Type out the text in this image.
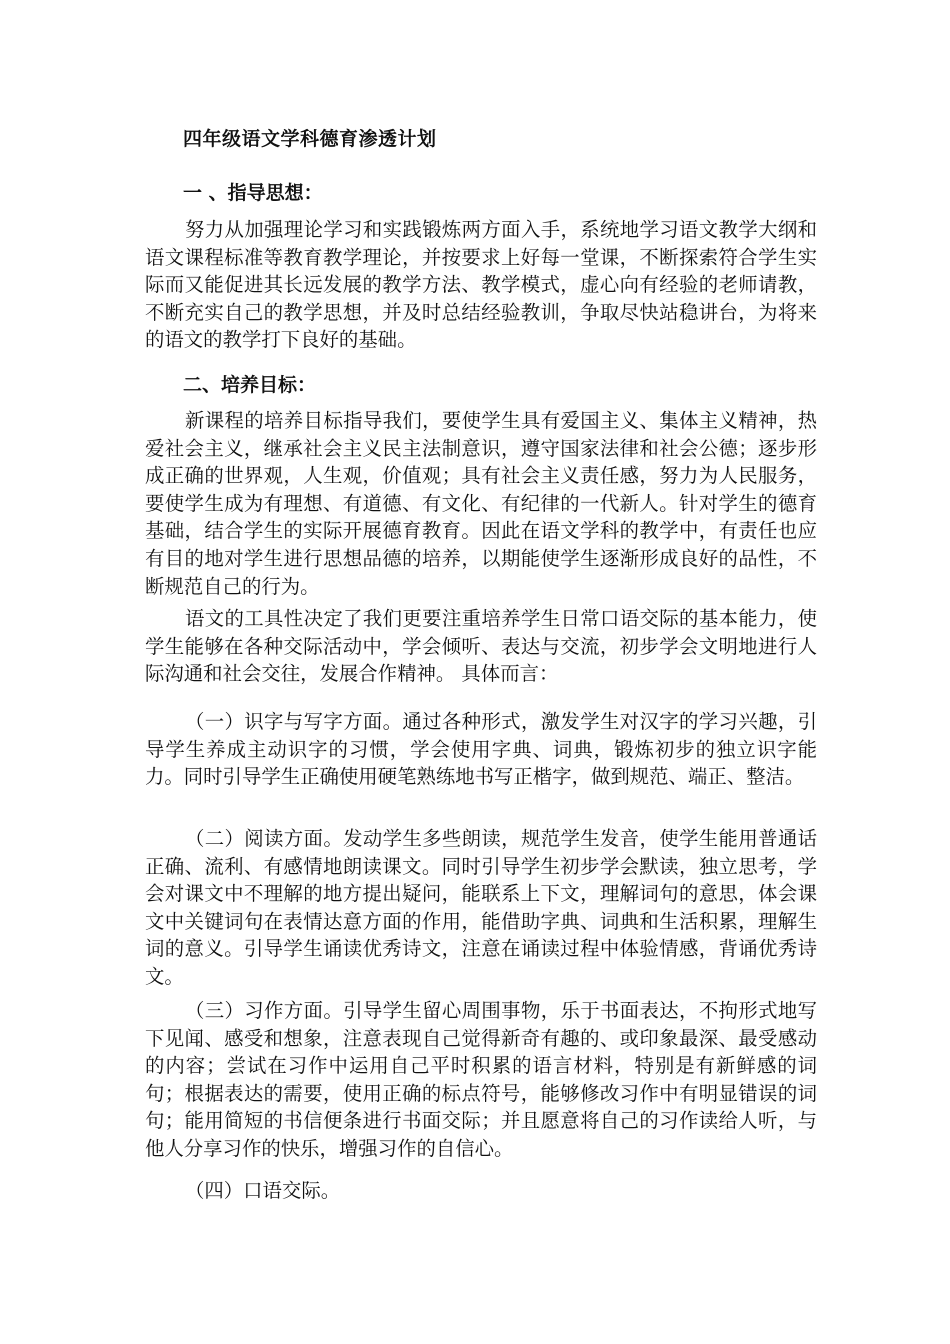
四年级语文学科德育渗透计划
一 、指导思想：
努力从加强理论学习和实践锻炼两方面入手，系统地学习语文教学大纲和语文课程标准等教育教学理论，并按要求上好每一堂课，不断探索符合学生实际而又能促进其长远发展的教学方法、教学模式，虚心向有经验的老师请教，不断充实自己的教学思想，并及时总结经验教训，争取尽快站稳讲台，为将来的语文的教学打下良好的基础。
二、培养目标：
新课程的培养目标指导我们，要使学生具有爱国主义、集体主义精神，热爱社会主义，继承社会主义民主法制意识，遵守国家法律和社会公德；逐步形成正确的世界观，人生观，价值观；具有社会主义责任感，努力为人民服务，要使学生成为有理想、有道德、有文化、有纪律的一代新人。针对学生的德育基础，结合学生的实际开展德育教育。因此在语文学科的教学中，有责任也应有目的地对学生进行思想品德的培养，以期能使学生逐渐形成良好的品性，不断规范自己的行为。
语文的工具性决定了我们更要注重培养学生日常口语交际的基本能力，使学生能够在各种交际活动中，学会倾听、表达与交流，初步学会文明地进行人际沟通和社会交往，发展合作精神。 具体而言：
（一）识字与写字方面。通过各种形式，激发学生对汉字的学习兴趣，引导学生养成主动识字的习惯，学会使用字典、词典，锻炼初步的独立识字能力。同时引导学生正确使用硬笔熟练地书写正楷字，做到规范、端正、整洁。
（二）阅读方面。发动学生多些朗读，规范学生发音，使学生能用普通话正确、流利、有感情地朗读课文。同时引导学生初步学会默读，独立思考，学会对课文中不理解的地方提出疑问，能联系上下文，理解词句的意思，体会课文中关键词句在表情达意方面的作用，能借助字典、词典和生活积累，理解生词的意义。引导学生诵读优秀诗文，注意在诵读过程中体验情感，背诵优秀诗文。
（三）习作方面。引导学生留心周围事物，乐于书面表达，不拘形式地写下见闻、感受和想象，注意表现自己觉得新奇有趣的、或印象最深、最受感动的内容；尝试在习作中运用自己平时积累的语言材料，特别是有新鲜感的词句；根据表达的需要，使用正确的标点符号，能够修改习作中有明显错误的词句；能用简短的书信便条进行书面交际；并且愿意将自己的习作读给人听，与他人分享习作的快乐，增强习作的自信心。
（四）口语交际。
